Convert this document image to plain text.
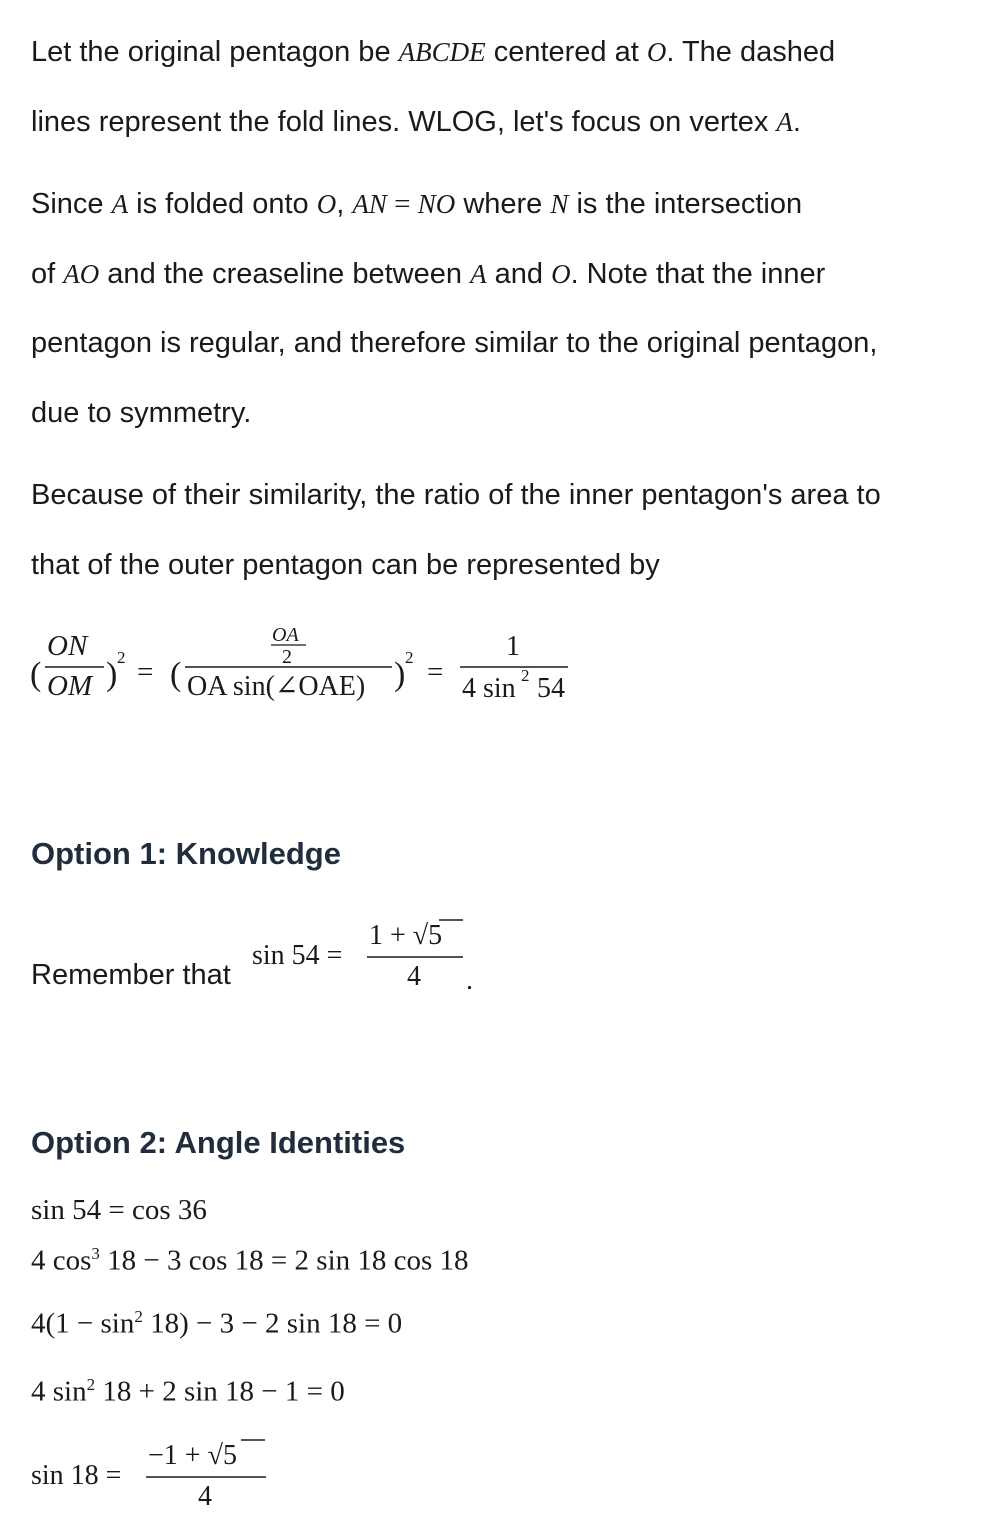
Let the original pentagon be ABCDE centered at O. The dashed
lines represent the fold lines. WLOG, let's focus on vertex A.
Since A is folded onto O, AN = NO where N is the intersection
of AO and the creaseline between A and O. Note that the inner
pentagon is regular, and therefore similar to the original pentagon,
due to symmetry.
Because of their similarity, the ratio of the inner pentagon's area to
that of the outer pentagon can be represented by
(
ON
OM ) 2 = (
OA
2
OA sin(∠OAE) ) 2 =
1
4 sin 2 54
Option 1: Knowledge
Remember that
sin 54 =
1 + √5
4 .
Option 2: Angle Identities
sin 54 = cos 36
4 $\cos^3 18 - 3$ cos 18 = 2 sin 18 cos 18
$4(1 - \sin^2 18) - 3 - 2$ sin 18 = 0
4 $\sin^2 18 + 2$ sin 18 − 1 = 0
sin 18 =
−1 + √5
4
